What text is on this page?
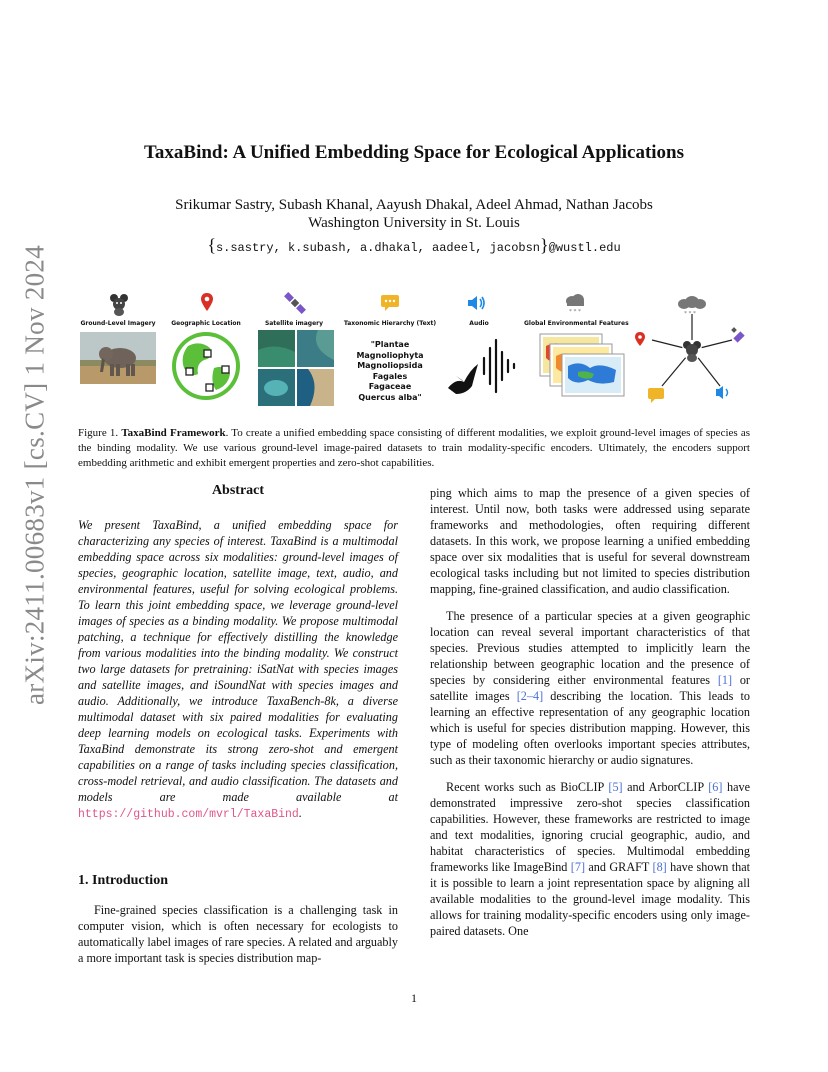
arXiv:2411.00683v1 [cs.CV] 1 Nov 2024
TaxaBind: A Unified Embedding Space for Ecological Applications
Srikumar Sastry, Subash Khanal, Aayush Dhakal, Adeel Ahmad, Nathan Jacobs
Washington University in St. Louis
{s.sastry, k.subash, a.dhakal, aadeel, jacobsn}@wustl.edu
Ground-Level Imagery	Geographic Location	Satellite imagery	Taxonomic Hierarchy (Text)	Audio	Global Environmental Features
* * *
"Plantae
Magnoliophyta
Magnoliopsida
Fagales
Fagaceae
Quercus alba"
* * *
Figure 1. TaxaBind Framework. To create a unified embedding space consisting of different modalities, we exploit ground-level images of species as the binding modality. We use various ground-level image-paired datasets to train modality-specific encoders. Ultimately, the encoders support embedding arithmetic and exhibit emergent properties and zero-shot capabilities.
Abstract
We present TaxaBind, a unified embedding space for characterizing any species of interest. TaxaBind is a multimodal embedding space across six modalities: ground-level images of species, geographic location, satellite image, text, audio, and environmental features, useful for solving ecological problems. To learn this joint embedding space, we leverage ground-level images of species as a binding modality. We propose multimodal patching, a technique for effectively distilling the knowledge from various modalities into the binding modality. We construct two large datasets for pretraining: iSatNat with species images and satellite images, and iSoundNat with species images and audio. Additionally, we introduce TaxaBench-8k, a diverse multimodal dataset with six paired modalities for evaluating deep learning models on ecological tasks. Experiments with TaxaBind demonstrate its strong zero-shot and emergent capabilities on a range of tasks including species classification, cross-model retrieval, and audio classification. The datasets and models are made available at https://github.com/mvrl/TaxaBind.
1. Introduction

Fine-grained species classification is a challenging task in computer vision, which is often necessary for ecologists to automatically label images of rare species. A related and arguably a more important task is species distribution map-

ping which aims to map the presence of a given species of interest. Until now, both tasks were addressed using separate frameworks and methodologies, often requiring different datasets. In this work, we propose learning a unified embedding space over six modalities that is useful for several downstream ecological tasks including but not limited to species distribution mapping, fine-grained classification, and audio classification.

The presence of a particular species at a given geographic location can reveal several important characteristics of that species. Previous studies attempted to implicitly learn the relationship between geographic location and the presence of species by considering either environmental features [1] or satellite images [2–4] describing the location. This leads to learning an effective representation of any geographic location which is useful for species distribution mapping. However, this type of modeling often overlooks important species attributes, such as their taxonomic hierarchy or audio signatures.

Recent works such as BioCLIP [5] and ArborCLIP [6] have demonstrated impressive zero-shot species classification capabilities. However, these frameworks are restricted to image and text modalities, ignoring crucial geographic, audio, and habitat characteristics of species. Multimodal embedding frameworks like ImageBind [7] and GRAFT [8] have shown that it is possible to learn a joint representation space by aligning all available modalities to the ground-level image modality. This allows for training modality-specific encoders using only image-paired datasets. One

1
